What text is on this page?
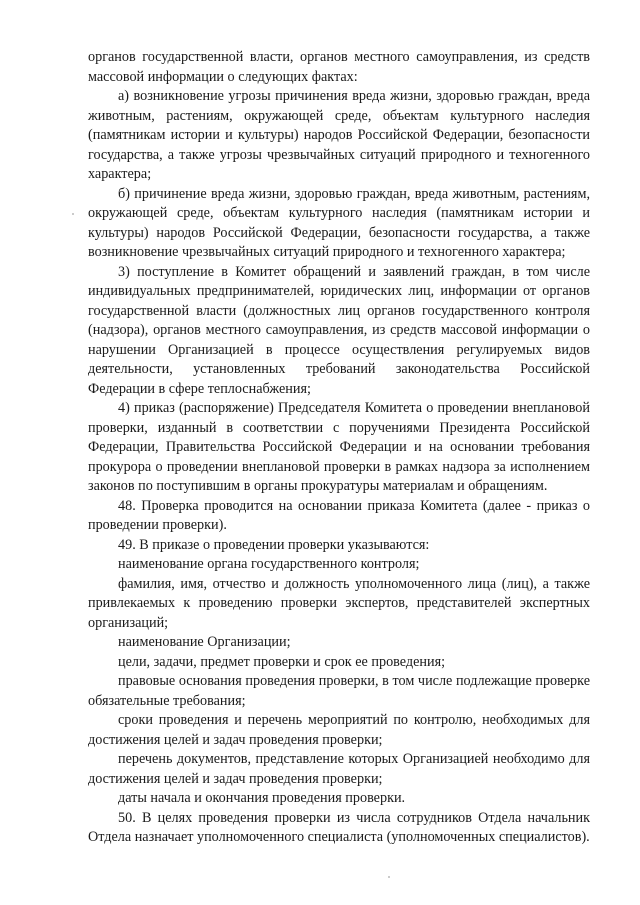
органов государственной власти, органов местного самоуправления, из средств массовой информации о следующих фактах:

а) возникновение угрозы причинения вреда жизни, здоровью граждан, вреда животным, растениям, окружающей среде, объектам культурного наследия (памятникам истории и культуры) народов Российской Федерации, безопасности государства, а также угрозы чрезвычайных ситуаций природного и техногенного характера;

б) причинение вреда жизни, здоровью граждан, вреда животным, растениям, окружающей среде, объектам культурного наследия (памятникам истории и культуры) народов Российской Федерации, безопасности государства, а также возникновение чрезвычайных ситуаций природного и техногенного характера;

3) поступление в Комитет обращений и заявлений граждан, в том числе индивидуальных предпринимателей, юридических лиц, информации от органов государственной власти (должностных лиц органов государственного контроля (надзора), органов местного самоуправления, из средств массовой информации о нарушении Организацией в процессе осуществления регулируемых видов деятельности, установленных требований законодательства Российской Федерации в сфере теплоснабжения;

4) приказ (распоряжение) Председателя Комитета о проведении внеплановой проверки, изданный в соответствии с поручениями Президента Российской Федерации, Правительства Российской Федерации и на основании требования прокурора о проведении внеплановой проверки в рамках надзора за исполнением законов по поступившим в органы прокуратуры материалам и обращениям.

48. Проверка проводится на основании приказа Комитета (далее - приказ о проведении проверки).

49. В приказе о проведении проверки указываются:

наименование органа государственного контроля;

фамилия, имя, отчество и должность уполномоченного лица (лиц), а также привлекаемых к проведению проверки экспертов, представителей экспертных организаций;

наименование Организации;

цели, задачи, предмет проверки и срок ее проведения;

правовые основания проведения проверки, в том числе подлежащие проверке обязательные требования;

сроки проведения и перечень мероприятий по контролю, необходимых для достижения целей и задач проведения проверки;

перечень документов, представление которых Организацией необходимо для достижения целей и задач проведения проверки;

даты начала и окончания проведения проверки.

50. В целях проведения проверки из числа сотрудников Отдела начальник Отдела назначает уполномоченного специалиста (уполномоченных специалистов).
